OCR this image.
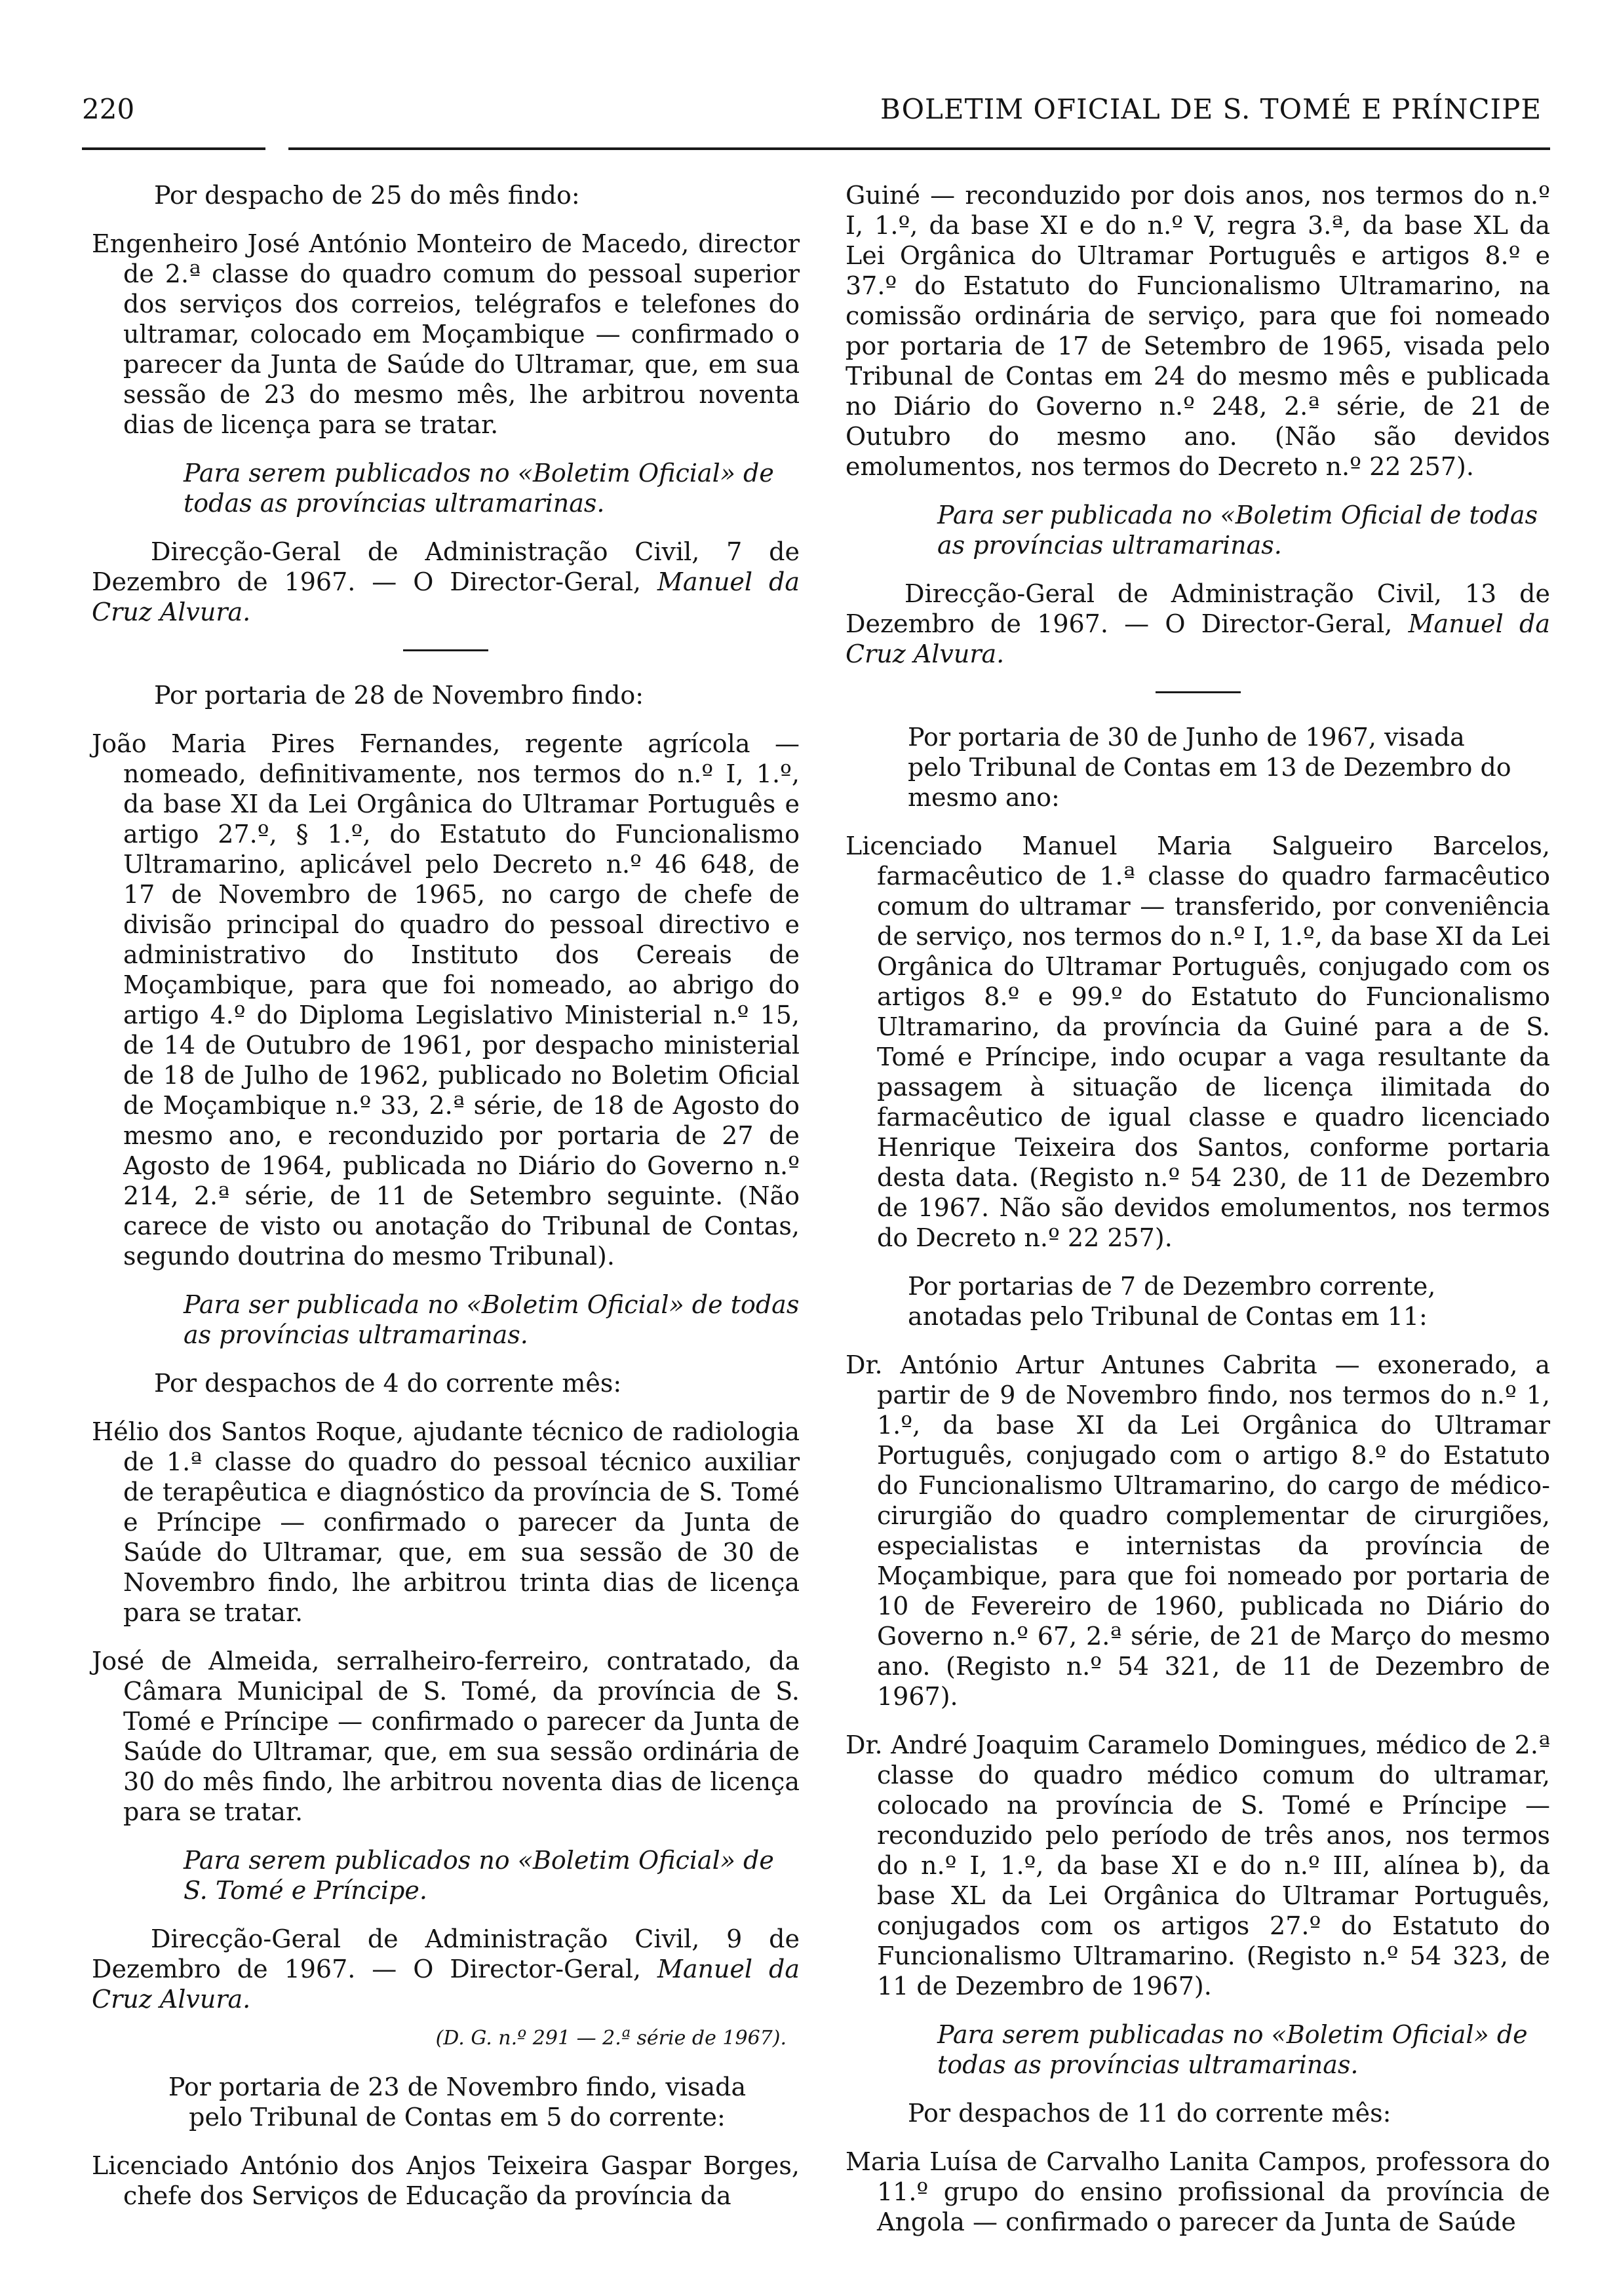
220	BOLETIM OFICIAL DE S. TOMÉ E PRÍNCIPE

Por despacho de 25 do mês findo:

Engenheiro José António Monteiro de Macedo, director de 2.ª classe do quadro comum do pessoal superior dos serviços dos correios, telégrafos e telefones do ultramar, colocado em Moçambique — confirmado o parecer da Junta de Saúde do Ultramar, que, em sua sessão de 23 do mesmo mês, lhe arbitrou noventa dias de licença para se tratar.

Para serem publicados no «Boletim Oficial» de todas as províncias ultramarinas.

Direcção-Geral de Administração Civil, 7 de Dezembro de 1967. — O Director-Geral, Manuel da Cruz Alvura.

Por portaria de 28 de Novembro findo:

João Maria Pires Fernandes, regente agrícola — nomeado, definitivamente, nos termos do n.º I, 1.º, da base XI da Lei Orgânica do Ultramar Português e artigo 27.º, § 1.º, do Estatuto do Funcionalismo Ultramarino, aplicável pelo Decreto n.º 46 648, de 17 de Novembro de 1965, no cargo de chefe de divisão principal do quadro do pessoal directivo e administrativo do Instituto dos Cereais de Moçambique, para que foi nomeado, ao abrigo do artigo 4.º do Diploma Legislativo Ministerial n.º 15, de 14 de Outubro de 1961, por despacho ministerial de 18 de Julho de 1962, publicado no Boletim Oficial de Moçambique n.º 33, 2.ª série, de 18 de Agosto do mesmo ano, e reconduzido por portaria de 27 de Agosto de 1964, publicada no Diário do Governo n.º 214, 2.ª série, de 11 de Setembro seguinte. (Não carece de visto ou anotação do Tribunal de Contas, segundo doutrina do mesmo Tribunal).

Para ser publicada no «Boletim Oficial» de todas as províncias ultramarinas.

Por despachos de 4 do corrente mês:

Hélio dos Santos Roque, ajudante técnico de radiologia de 1.ª classe do quadro do pessoal técnico auxiliar de terapêutica e diagnóstico da província de S. Tomé e Príncipe — confirmado o parecer da Junta de Saúde do Ultramar, que, em sua sessão de 30 de Novembro findo, lhe arbitrou trinta dias de licença para se tratar.

José de Almeida, serralheiro-ferreiro, contratado, da Câmara Municipal de S. Tomé, da província de S. Tomé e Príncipe — confirmado o parecer da Junta de Saúde do Ultramar, que, em sua sessão ordinária de 30 do mês findo, lhe arbitrou noventa dias de licença para se tratar.

Para serem publicados no «Boletim Oficial» de S. Tomé e Príncipe.

Direcção-Geral de Administração Civil, 9 de Dezembro de 1967. — O Director-Geral, Manuel da Cruz Alvura.

(D. G. n.º 291 — 2.ª série de 1967).

Por portaria de 23 de Novembro findo, visada pelo Tribunal de Contas em 5 do corrente:

Licenciado António dos Anjos Teixeira Gaspar Borges, chefe dos Serviços de Educação da província da

Guiné — reconduzido por dois anos, nos termos do n.º I, 1.º, da base XI e do n.º V, regra 3.ª, da base XL da Lei Orgânica do Ultramar Português e artigos 8.º e 37.º do Estatuto do Funcionalismo Ultramarino, na comissão ordinária de serviço, para que foi nomeado por portaria de 17 de Setembro de 1965, visada pelo Tribunal de Contas em 24 do mesmo mês e publicada no Diário do Governo n.º 248, 2.ª série, de 21 de Outubro do mesmo ano. (Não são devidos emolumentos, nos termos do Decreto n.º 22 257).

Para ser publicada no «Boletim Oficial de todas as províncias ultramarinas.

Direcção-Geral de Administração Civil, 13 de Dezembro de 1967. — O Director-Geral, Manuel da Cruz Alvura.

Por portaria de 30 de Junho de 1967, visada pelo Tribunal de Contas em 13 de Dezembro do mesmo ano:

Licenciado Manuel Maria Salgueiro Barcelos, farmacêutico de 1.ª classe do quadro farmacêutico comum do ultramar — transferido, por conveniência de serviço, nos termos do n.º I, 1.º, da base XI da Lei Orgânica do Ultramar Português, conjugado com os artigos 8.º e 99.º do Estatuto do Funcionalismo Ultramarino, da província da Guiné para a de S. Tomé e Príncipe, indo ocupar a vaga resultante da passagem à situação de licença ilimitada do farmacêutico de igual classe e quadro licenciado Henrique Teixeira dos Santos, conforme portaria desta data. (Registo n.º 54 230, de 11 de Dezembro de 1967. Não são devidos emolumentos, nos termos do Decreto n.º 22 257).

Por portarias de 7 de Dezembro corrente, anotadas pelo Tribunal de Contas em 11:

Dr. António Artur Antunes Cabrita — exonerado, a partir de 9 de Novembro findo, nos termos do n.º 1, 1.º, da base XI da Lei Orgânica do Ultramar Português, conjugado com o artigo 8.º do Estatuto do Funcionalismo Ultramarino, do cargo de médico-cirurgião do quadro complementar de cirurgiões, especialistas e internistas da província de Moçambique, para que foi nomeado por portaria de 10 de Fevereiro de 1960, publicada no Diário do Governo n.º 67, 2.ª série, de 21 de Março do mesmo ano. (Registo n.º 54 321, de 11 de Dezembro de 1967).

Dr. André Joaquim Caramelo Domingues, médico de 2.ª classe do quadro médico comum do ultramar, colocado na província de S. Tomé e Príncipe — reconduzido pelo período de três anos, nos termos do n.º I, 1.º, da base XI e do n.º III, alínea b), da base XL da Lei Orgânica do Ultramar Português, conjugados com os artigos 27.º do Estatuto do Funcionalismo Ultramarino. (Registo n.º 54 323, de 11 de Dezembro de 1967).

Para serem publicadas no «Boletim Oficial» de todas as províncias ultramarinas.

Por despachos de 11 do corrente mês:

Maria Luísa de Carvalho Lanita Campos, professora do 11.º grupo do ensino profissional da província de Angola — confirmado o parecer da Junta de Saúde
